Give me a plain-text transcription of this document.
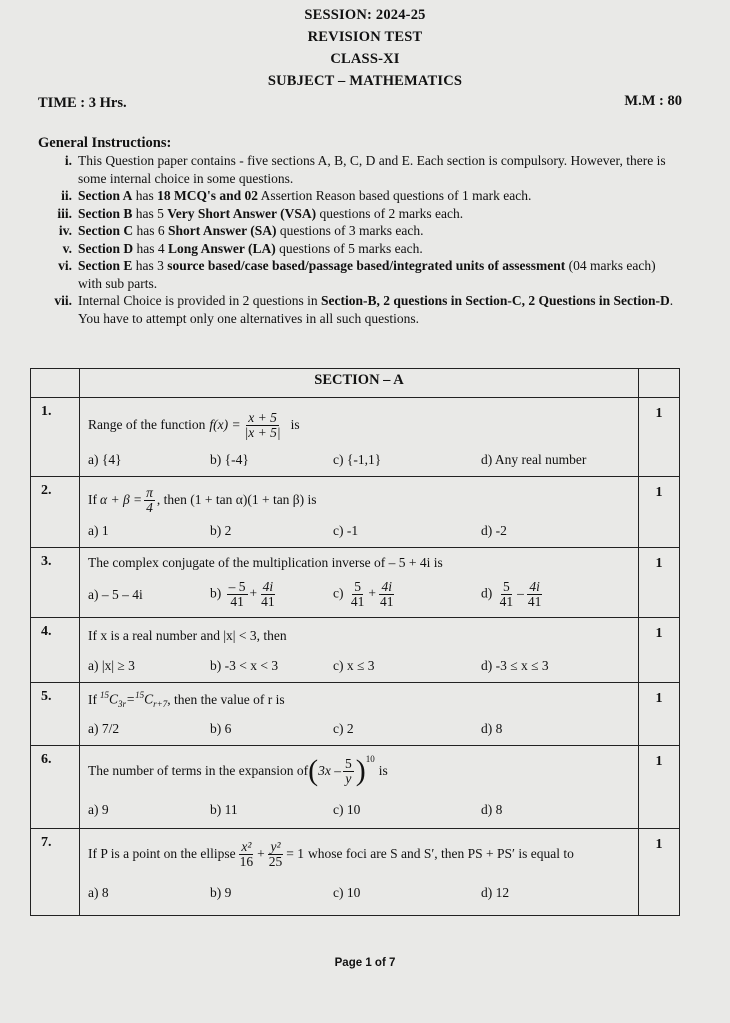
SESSION: 2024-25
REVISION TEST
CLASS-XI
SUBJECT – MATHEMATICS
TIME : 3 Hrs.	M.M : 80
General Instructions:
i. This Question paper contains - five sections A, B, C, D and E. Each section is compulsory. However, there is some internal choice in some questions.
ii. Section A has 18 MCQ's and 02 Assertion Reason based questions of 1 mark each.
iii. Section B has 5 Very Short Answer (VSA) questions of 2 marks each.
iv. Section C has 6 Short Answer (SA) questions of 3 marks each.
v. Section D has 4 Long Answer (LA) questions of 5 marks each.
vi. Section E has 3 source based/case based/passage based/integrated units of assessment (04 marks each) with sub parts.
vii. Internal Choice is provided in 2 questions in Section-B, 2 questions in Section-C, 2 Questions in Section-D. You have to attempt only one alternatives in all such questions.
	SECTION – A	
1.	
Range of the function $f(x) = \frac{x + 5}{|x + 5|}$ is
a) {4}	b) {-4}	c) {-1,1}	d) Any real number
	1
2.	
If $\alpha + \beta = \frac{\pi}{4}$ , then (1 + tan α)(1 + tan β) is
a) 1	b) 2	c) -1	d) -2
	1
3.	The complex conjugate of the multiplication inverse of – 5 + 4i is
a) – 5 – 4i	$b) \frac{- 5}{41} + \frac{4i}{41}$	$c) \frac{5}{41} + \frac{4i}{41}$	$d) \frac{5}{41} - \frac{4i}{41}$
	1
4.	If x is a real number and |x| < 3, then
a) |x| ≥ 3 b) -3 < x < 3 c) x ≤ 3 d) -3 ≤ x ≤ 3	1
5.	If $^{15}C_{3r}=^{15}C_{r+7}$ , then the value of r is
a) 7/2	b) 6	c) 2	d) 8
	1
6.	
The number of terms in the expansion of ( $3x - \frac{5}{y} )^{10}$
is
a) 9	b) 11	c) 10	d) 8
	1
7.	
If P is a point on the ellipse $\frac{\text{x²}}{16} + \frac{\text{y²}}{25} = 1$ whose foci are S and S′, then PS + PS′ is equal to
a) 8	b) 9	c) 10	d) 12
	1
Page 1 of 7
